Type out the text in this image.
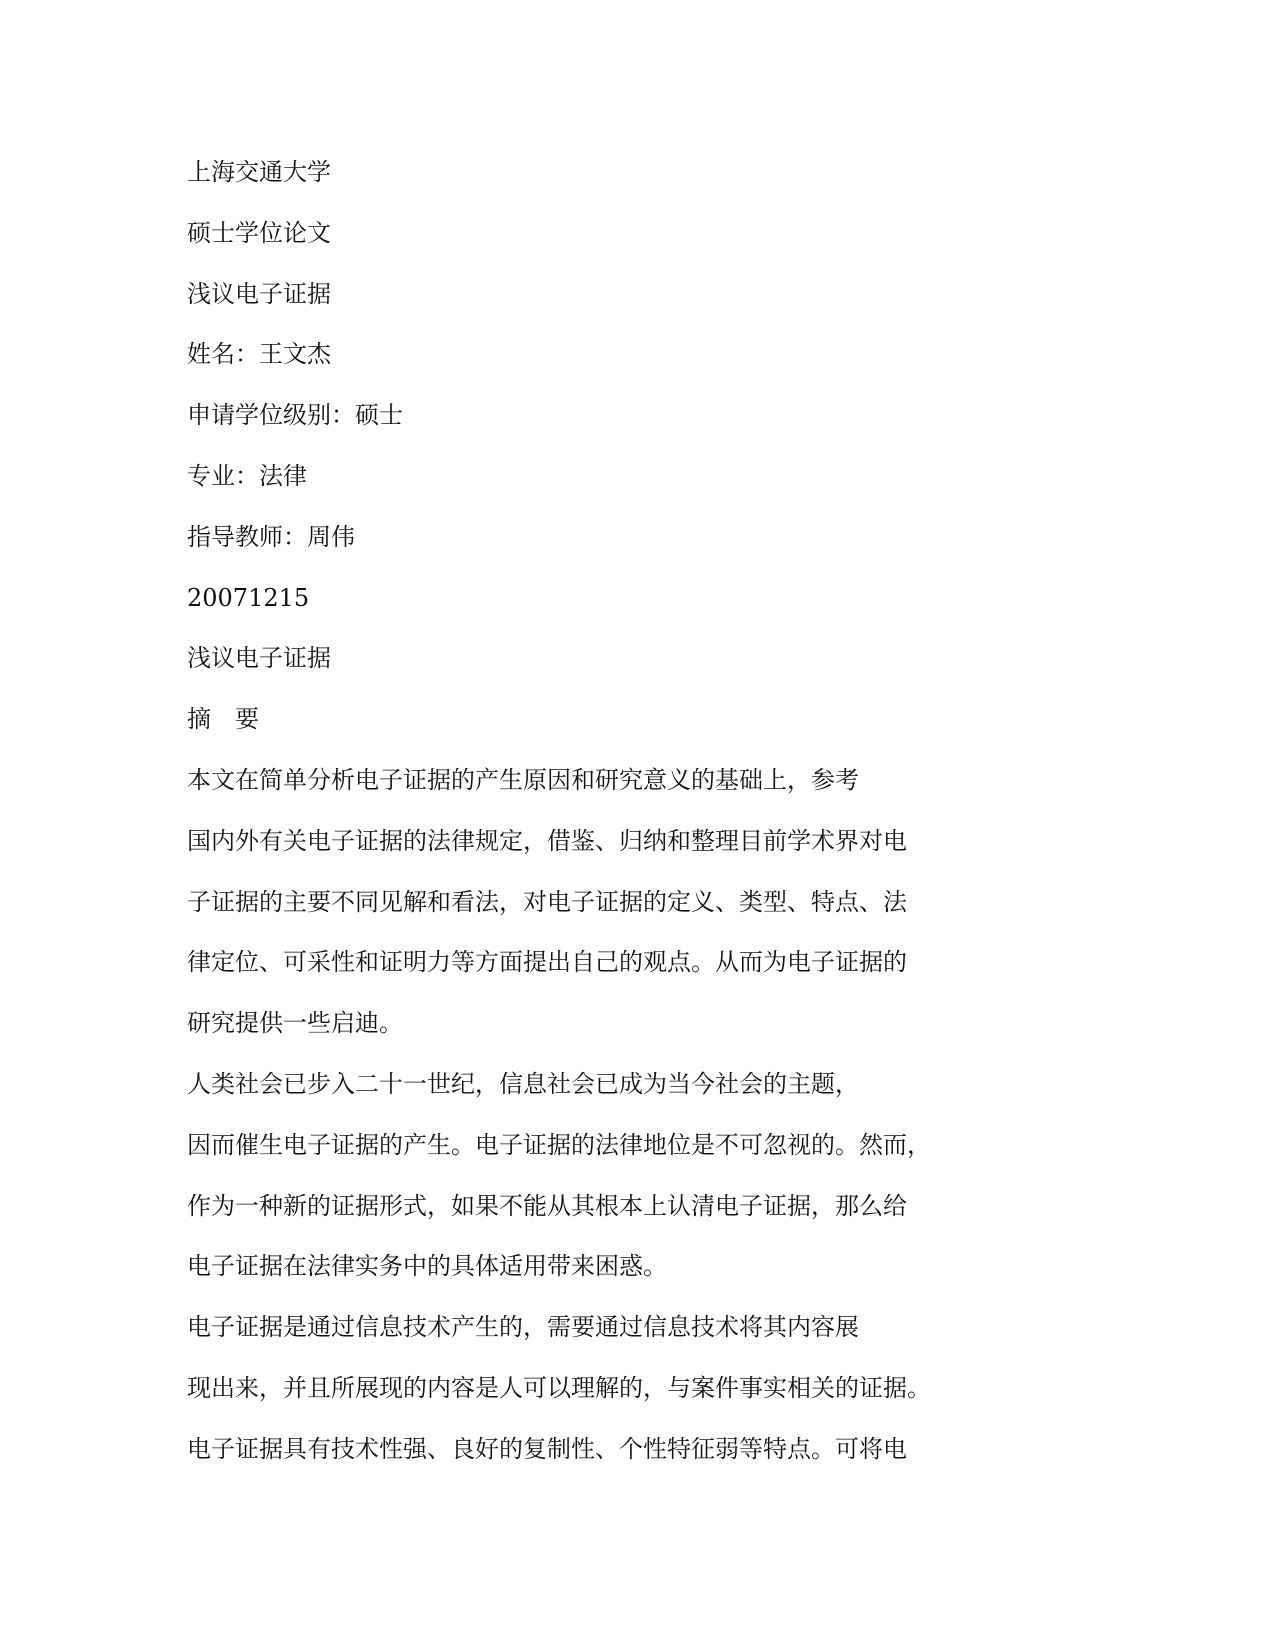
上海交通大学
硕士学位论文
浅议电子证据
姓名：王文杰
申请学位级别：硕士
专业：法律
指导教师：周伟
20071215
浅议电子证据
摘　要
本文在简单分析电子证据的产生原因和研究意义的基础上，参考
国内外有关电子证据的法律规定，借鉴、归纳和整理目前学术界对电
子证据的主要不同见解和看法，对电子证据的定义、类型、特点、法
律定位、可采性和证明力等方面提出自己的观点。从而为电子证据的
研究提供一些启迪。
人类社会已步入二十一世纪，信息社会已成为当今社会的主题，
因而催生电子证据的产生。电子证据的法律地位是不可忽视的。然而，
作为一种新的证据形式，如果不能从其根本上认清电子证据，那么给
电子证据在法律实务中的具体适用带来困惑。
电子证据是通过信息技术产生的，需要通过信息技术将其内容展
现出来，并且所展现的内容是人可以理解的，与案件事实相关的证据。
电子证据具有技术性强、良好的复制性、个性特征弱等特点。可将电
